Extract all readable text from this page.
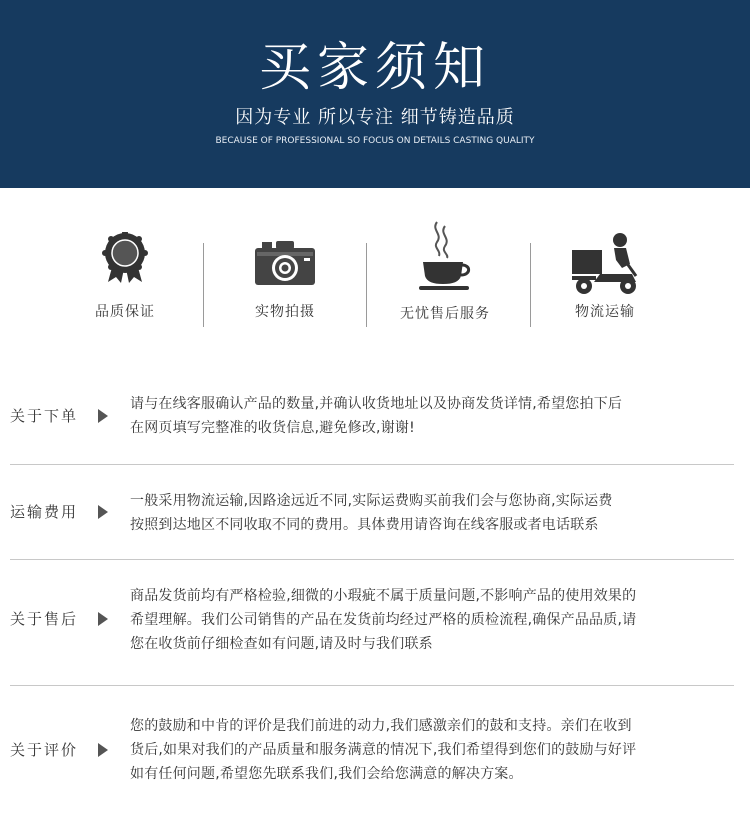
买家须知
因为专业 所以专注 细节铸造品质
BECAUSE OF PROFESSIONAL SO FOCUS ON DETAILS CASTING QUALITY
品质保证	实物拍摄	无忧售后服务	物流运输
关于下单
请与在线客服确认产品的数量,并确认收货地址以及协商发货详情,希望您拍下后
在网页填写完整准的收货信息,避免修改,谢谢!
运输费用
一般采用物流运输,因路途远近不同,实际运费购买前我们会与您协商,实际运费
按照到达地区不同收取不同的费用。具体费用请咨询在线客服或者电话联系
关于售后
商品发货前均有严格检验,细微的小瑕疵不属于质量问题,不影响产品的使用效果的
希望理解。我们公司销售的产品在发货前均经过严格的质检流程,确保产品品质,请
您在收货前仔细检查如有问题,请及时与我们联系
关于评价
您的鼓励和中肯的评价是我们前进的动力,我们感激亲们的鼓和支持。亲们在收到
货后,如果对我们的产品质量和服务满意的情况下,我们希望得到您们的鼓励与好评
如有任何问题,希望您先联系我们,我们会给您满意的解决方案。
